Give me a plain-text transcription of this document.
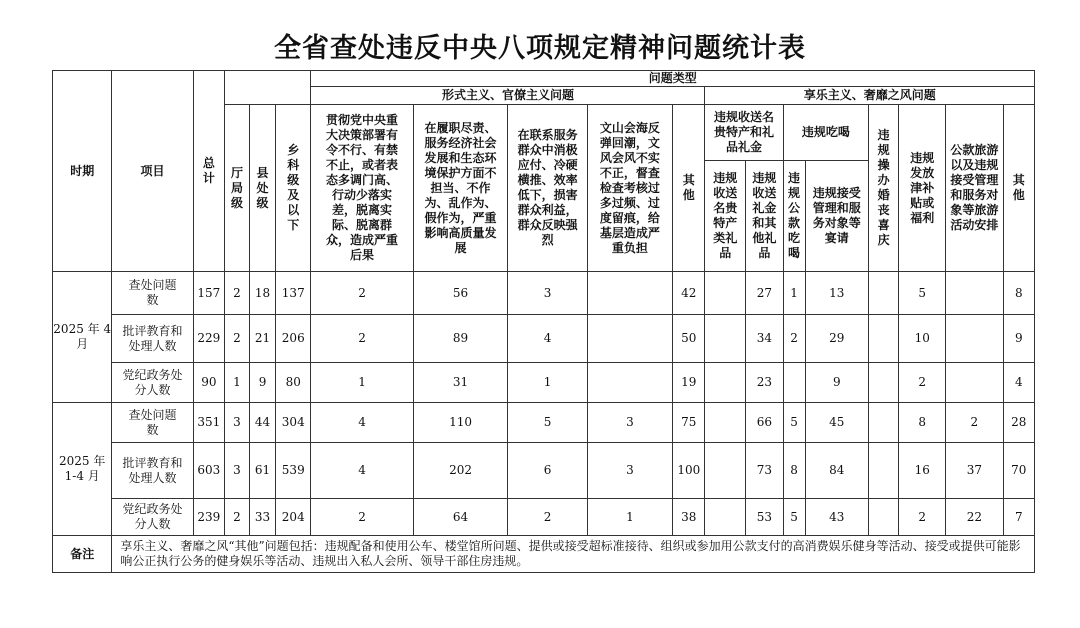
全省查处违反中央八项规定精神问题统计表
时期	项目	总计				问题类型												
						形式主义、官僚主义问题					享乐主义、奢靡之风问题							
			厅局级	县处级	乡科级及以下	贯彻党中央重大决策部署有令不行、有禁不止，或者表态多调门高、行动少落实差，脱离实际、脱离群众，造成严重后果	在履职尽责、服务经济社会发展和生态环境保护方面不担当、不作为、乱作为、假作为，严重影响高质量发展	在联系服务群众中消极应付、冷硬横推、效率低下，损害群众利益，群众反映强烈	文山会海反弹回潮，文风会风不实不正，督查检查考核过多过频、过度留痕，给基层造成严重负担	其他	违规收送名贵特产和礼品礼金		违规吃喝		违规操办婚丧喜庆	违规发放津补贴或福利	公款旅游以及违规接受管理和服务对象等旅游活动安排	其他

											违规收送名贵特产类礼品	违规收送礼金和其他礼品	违规公款吃喝	违规接受管理和服务对象等宴请				

2025 年 4 月	查处问题数	157	2	18	137	2	56	3		42		27	1	13		5		8

	批评教育和处理人数	229	2	21	206	2	89	4		50		34	2	29		10		9

	党纪政务处分人数	90	1	9	80	1	31	1		19		23		9		2		4
2025 年 1-4 月	查处问题数	351	3	44	304	4	110	5	3	75		66	5	45		8	2	28

	批评教育和处理人数	603	3	61	539	4	202	6	3	100		73	8	84		16	37	70

	党纪政务处分人数	239	2	33	204	2	64	2	1	38		53	5	43		2	22	7
备注	享乐主义、奢靡之风“其他”问题包括：违规配备和使用公车、楼堂馆所问题、提供或接受超标准接待、组织或参加用公款支付的高消费娱乐健身等活动、接受或提供可能影响公正执行公务的健身娱乐等活动、违规出入私人会所、领导干部住房违规。																	
